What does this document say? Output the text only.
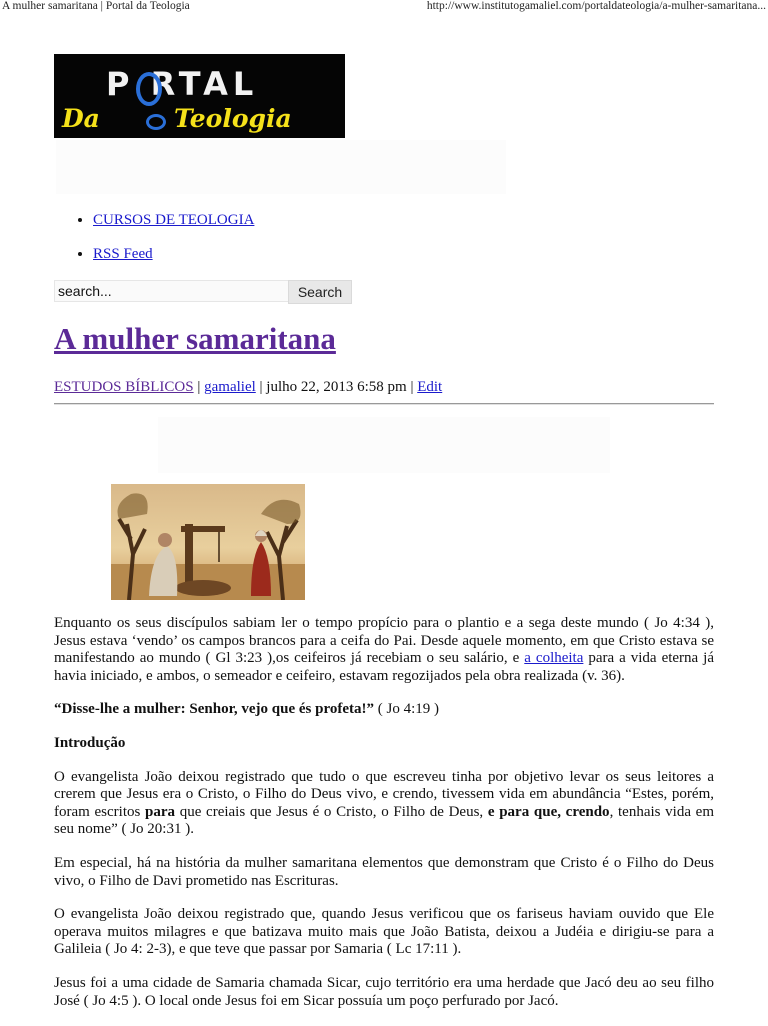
A mulher samaritana | Portal da Teologia	http://www.institutogamaliel.com/portaldateologia/a-mulher-samaritana...
P RTAL
Da	Teologia
• CURSOS DE TEOLOGIA
• RSS Feed
search...	Search
A mulher samaritana
ESTUDOS BÍBLICOS | gamaliel | julho 22, 2013 6:58 pm | Edit

Enquanto os seus discípulos sabiam ler o tempo propício para o plantio e a sega deste mundo ( Jo 4:34 ), Jesus estava ‘vendo’ os campos brancos para a ceifa do Pai. Desde aquele momento, em que Cristo estava se manifestando ao mundo ( Gl 3:23 ),os ceifeiros já recebiam o seu salário, e a colheita para a vida eterna já havia iniciado, e ambos, o semeador e ceifeiro, estavam regozijados pela obra realizada (v. 36).

“Disse-lhe a mulher: Senhor, vejo que és profeta!” ( Jo 4:19 )

Introdução

O evangelista João deixou registrado que tudo o que escreveu tinha por objetivo levar os seus leitores a crerem que Jesus era o Cristo, o Filho do Deus vivo, e crendo, tivessem vida em abundância “Estes, porém, foram escritos para que creiais que Jesus é o Cristo, o Filho de Deus, e para que, crendo, tenhais vida em seu nome” ( Jo 20:31 ).

Em especial, há na história da mulher samaritana elementos que demonstram que Cristo é o Filho do Deus vivo, o Filho de Davi prometido nas Escrituras.

O evangelista João deixou registrado que, quando Jesus verificou que os fariseus haviam ouvido que Ele operava muitos milagres e que batizava muito mais que João Batista, deixou a Judéia e dirigiu-se para a Galileia ( Jo 4: 2-3), e que teve que passar por Samaria ( Lc 17:11 ).

Jesus foi a uma cidade de Samaria chamada Sicar, cujo território era uma herdade que Jacó deu ao seu filho José ( Jo 4:5 ). O local onde Jesus foi em Sicar possuía um poço perfurado por Jacó.
